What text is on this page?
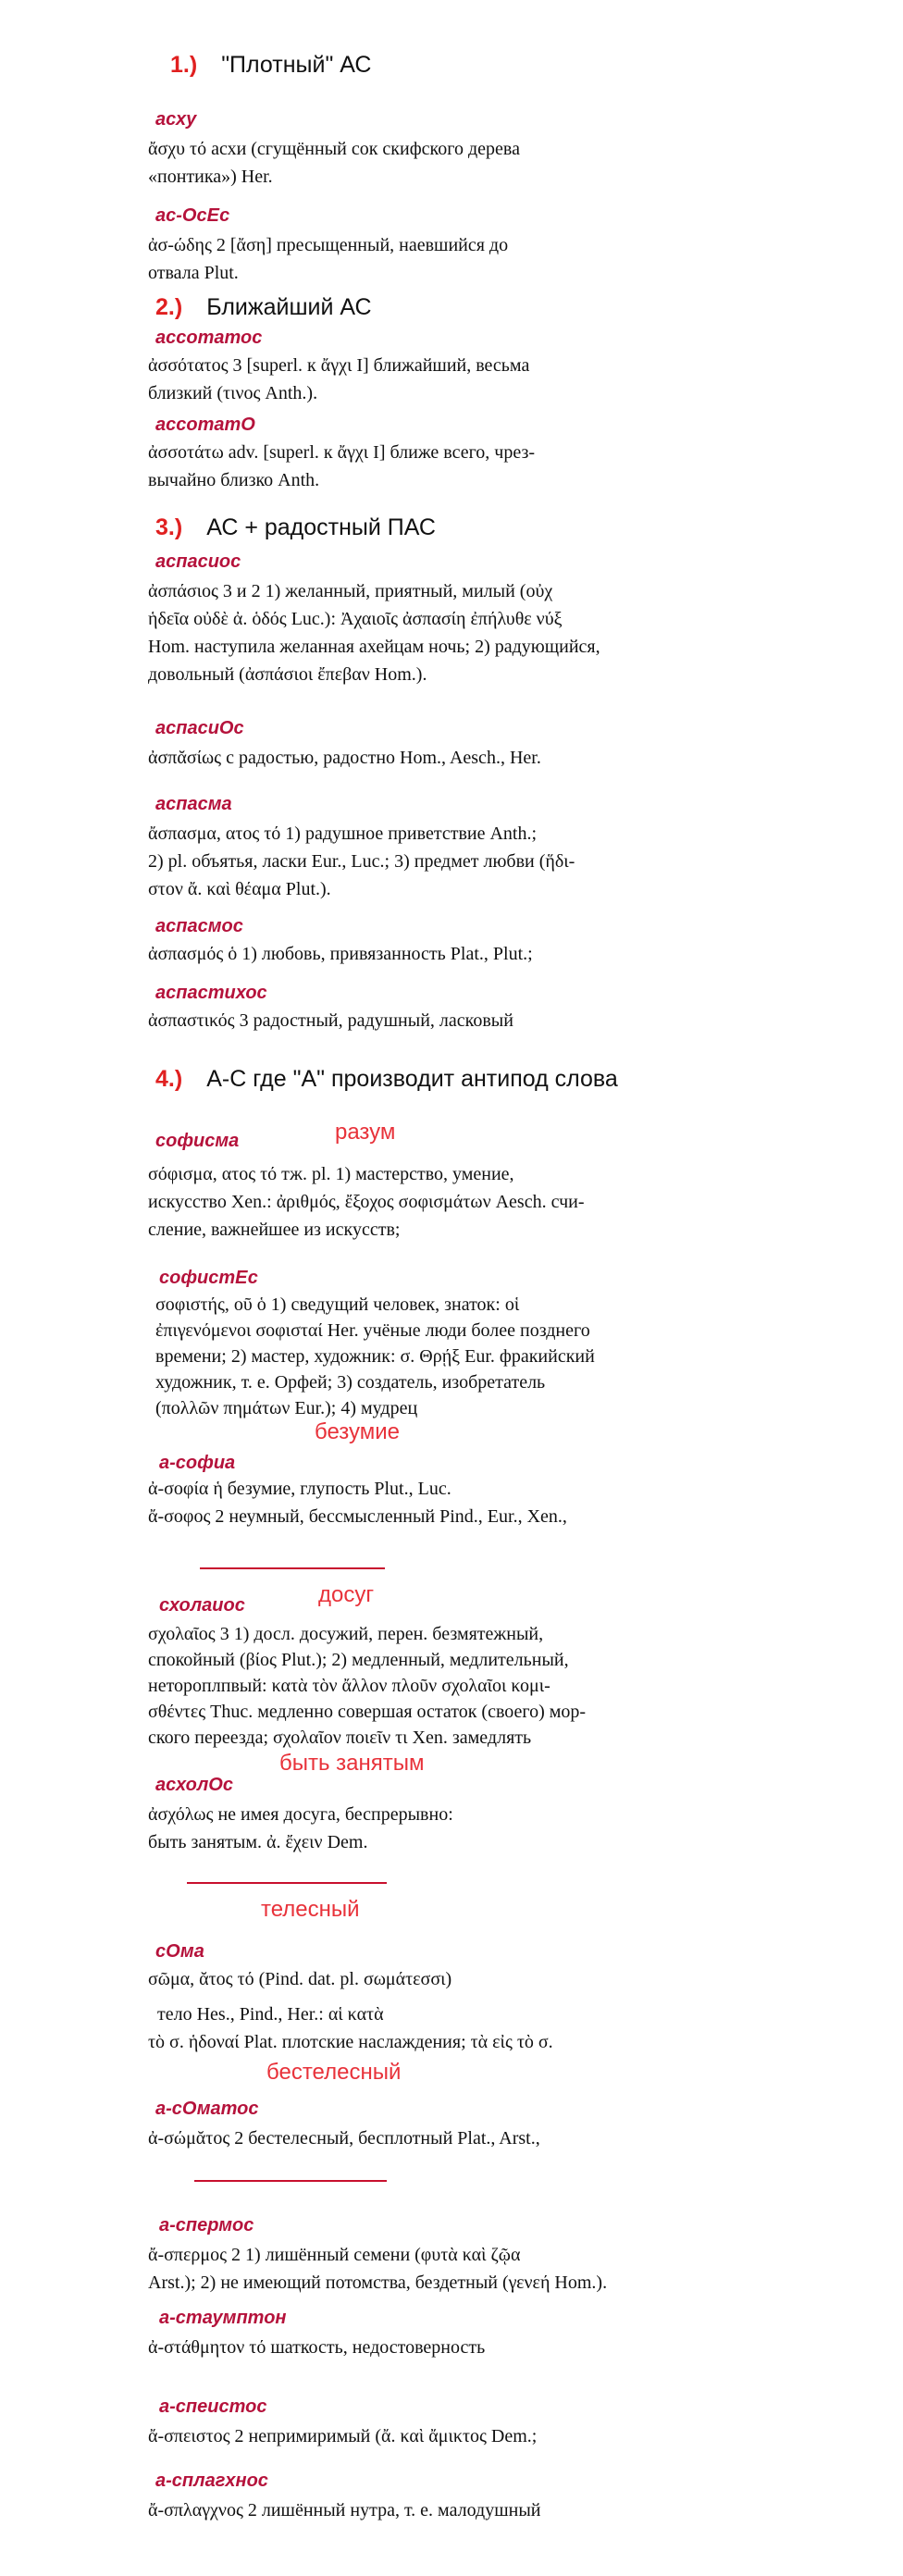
1.) "Плотный" АС
асху
ἄσχυ τό асхи (сгущённый сок скифского дерева
«понтика») Her.
ас-ОсЕс
ἀσ-ώδης 2 [ἄση] пресыщенный, наевшийся до
отвала Plut.
2.) Ближайший АС
ассотатос
ἀσσότατος 3 [superl. к ἄγχι I] ближайший, весьма
близкий (τινος Anth.).
ассотатО
ἀσσοτάτω adv. [superl. к ἄγχι I] ближе всего, чрез-
вычайно близко Anth.
3.) АС + радостный ПАС
аспасиос
ἀσπάσιος 3 и 2 1) желанный, приятный, милый (οὐχ
ἡδεῖα οὐδὲ ἀ. ὁδός Luc.): Ἀχαιοῖς ἀσπασίη ἐπήλυθε νύξ
Hom. наступила желанная ахейцам ночь; 2) радующийся,
довольный (ἀσπάσιοι ἔπεβαν Hom.).
аспасиОс
ἀσπᾰσίως с радостью, радостно Hom., Aesch., Her.
аспасма
ἄσπασμα, ατος τό 1) радушное приветствие Anth.;
2) pl. объятья, ласки Eur., Luc.; 3) предмет любви (ἥδι-
στον ἄ. καὶ θέαμα Plut.).
аспасмос
ἀσπασμός ὁ 1) любовь, привязанность Plat., Plut.;
аспастихос
ἀσπαστικός 3 радостный, радушный, ласковый
4.) А-С где "А" производит антипод слова
софисма	разум
σόφισμα, ατος τό тж. pl. 1) мастерство, умение,
искусство Xen.: ἀριθμός, ἔξοχος σοφισμάτων Aesch. счи-
сление, важнейшее из искусств;
софистЕс
σοφιστής, οῦ ὁ 1) сведущий человек, знаток: οἱ
ἐπιγενόμενοι σοφισταί Her. учёные люди более позднего
времени; 2) мастер, художник: σ. Θρῄξ Eur. фракийский
художник, т. е. Орфей; 3) создатель, изобретатель
(πολλῶν πημάτων Eur.); 4) мудрец
безумие
а-софиа
ἀ-σοφία ἡ безумие, глупость Plut., Luc.
ἄ-σοφος 2 неумный, бессмысленный Pind., Eur., Xen.,
досуг
схолаиос
σχολαῖος 3 1) досл. досужий, перен. безмятежный,
спокойный (βίος Plut.); 2) медленный, медлительный,
нетороплпвый: κατὰ τὸν ἄλλον πλοῦν σχολαῖοι κομι-
σθέντες Thuc. медленно совершая остаток (своего) мор-
ского переезда; σχολαῖον ποιεῖν τι Xen. замедлять
быть занятым
асхолОс
ἀσχόλως не имея досуга, беспрерывно:
быть занятым. ἀ. ἔχειν Dem.
телесный
сОма
σῶμα, ᾰτος τό (Pind. dat. pl. σωμάτεσσι)
тело Hes., Pind., Her.: αἱ κατὰ
τὸ σ. ἡδοναί Plat. плотские наслаждения; τὰ εἰς τὸ σ.
бестелесный
а-сОматос
ἀ-σώμᾰτος 2 бестелесный, бесплотный Plat., Arst.,
а-спермос
ἄ-σπερμος 2 1) лишённый семени (φυτὰ καὶ ζῷα
Arst.); 2) не имеющий потомства, бездетный (γενεή Hom.).
а-стаумптон
ἀ-στάθμητον τό шаткость, недостоверность
а-спеистос
ἄ-σπειστος 2 непримиримый (ἄ. καὶ ἄμικτος Dem.;
а-сплагхнос
ἄ-σπλαγχνος 2 лишённый нутра, т. е. малодушный
